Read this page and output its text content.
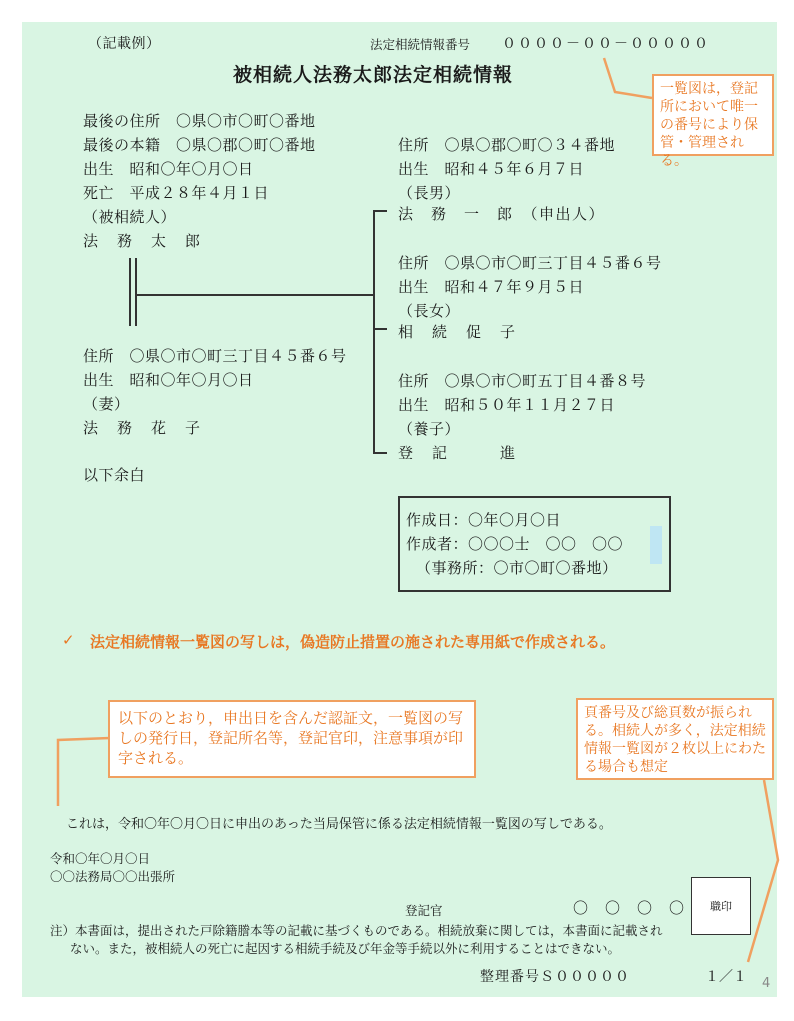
（記載例）	法定相続情報番号 ００００－００－０００００
被相続人法務太郎法定相続情報
最後の住所　〇県〇市〇町〇番地
最後の本籍　〇県〇郡〇町〇番地
出生　昭和〇年〇月〇日
死亡　平成２８年４月１日
（被相続人）
法　務　太　郎
住所　〇県〇市〇町三丁目４５番６号
出生　昭和〇年〇月〇日
（妻）
法　務　花　子
以下余白
住所　〇県〇郡〇町〇３４番地
出生　昭和４５年６月７日
（長男）
法　務　一　郎　（申出人）
住所　〇県〇市〇町三丁目４５番６号
出生　昭和４７年９月５日
（長女）
相　続　促　子
住所　〇県〇市〇町五丁目４番８号
出生　昭和５０年１１月２７日
（養子）
登　記　　　進
作成日：〇年〇月〇日
作成者：〇〇〇士　〇〇　〇〇
（事務所：〇市〇町〇番地）
✓ 法定相続情報一覧図の写しは，偽造防止措置の施された専用紙で作成される。
一覧図は，登記所において唯一の番号により保管・管理される。
以下のとおり，申出日を含んだ認証文，一覧図の写しの発行日，登記所名等，登記官印，注意事項が印字される。
頁番号及び総頁数が振られる。相続人が多く，法定相続情報一覧図が２枚以上にわたる場合も想定
これは，令和〇年〇月〇日に申出のあった当局保管に係る法定相続情報一覧図の写しである。
令和〇年〇月〇日
〇〇法務局〇〇出張所
登記官	〇　〇　〇　〇	職印
注）本書面は，提出された戸除籍謄本等の記載に基づくものである。相続放棄に関しては，本書面に記載され
ない。また，被相続人の死亡に起因する相続手続及び年金等手続以外に利用することはできない。
整理番号Ｓ０００００	１／１ 4
